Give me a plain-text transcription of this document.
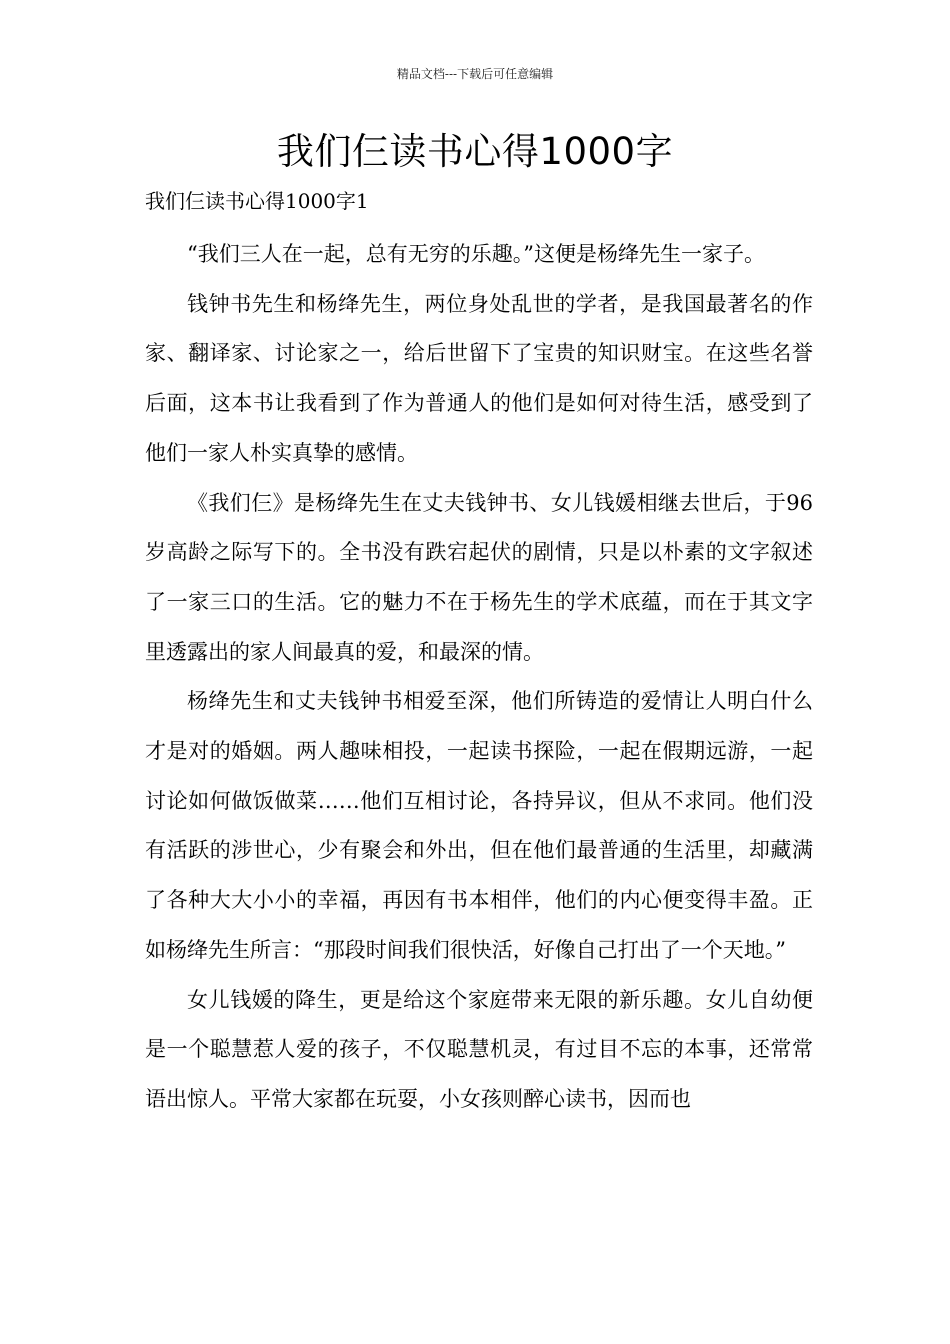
精品文档---下载后可任意编辑
我们仨读书心得1000字

我们仨读书心得1000字1

“我们三人在一起，总有无穷的乐趣。”这便是杨绛先生一家子。

钱钟书先生和杨绛先生，两位身处乱世的学者，是我国最著名的作家、翻译家、讨论家之一，给后世留下了宝贵的知识财宝。在这些名誉后面，这本书让我看到了作为普通人的他们是如何对待生活，感受到了他们一家人朴实真挚的感情。

《我们仨》是杨绛先生在丈夫钱钟书、女儿钱媛相继去世后，于96岁高龄之际写下的。全书没有跌宕起伏的剧情，只是以朴素的文字叙述了一家三口的生活。它的魅力不在于杨先生的学术底蕴，而在于其文字里透露出的家人间最真的爱，和最深的情。

杨绛先生和丈夫钱钟书相爱至深，他们所铸造的爱情让人明白什么才是对的婚姻。两人趣味相投，一起读书探险，一起在假期远游，一起讨论如何做饭做菜……他们互相讨论，各持异议，但从不求同。他们没有活跃的涉世心，少有聚会和外出，但在他们最普通的生活里，却藏满了各种大大小小的幸福，再因有书本相伴，他们的内心便变得丰盈。正如杨绛先生所言：“那段时间我们很快活，好像自己打出了一个天地。”

女儿钱媛的降生，更是给这个家庭带来无限的新乐趣。女儿自幼便是一个聪慧惹人爱的孩子，不仅聪慧机灵，有过目不忘的本事，还常常语出惊人。平常大家都在玩耍，小女孩则醉心读书，因而也
